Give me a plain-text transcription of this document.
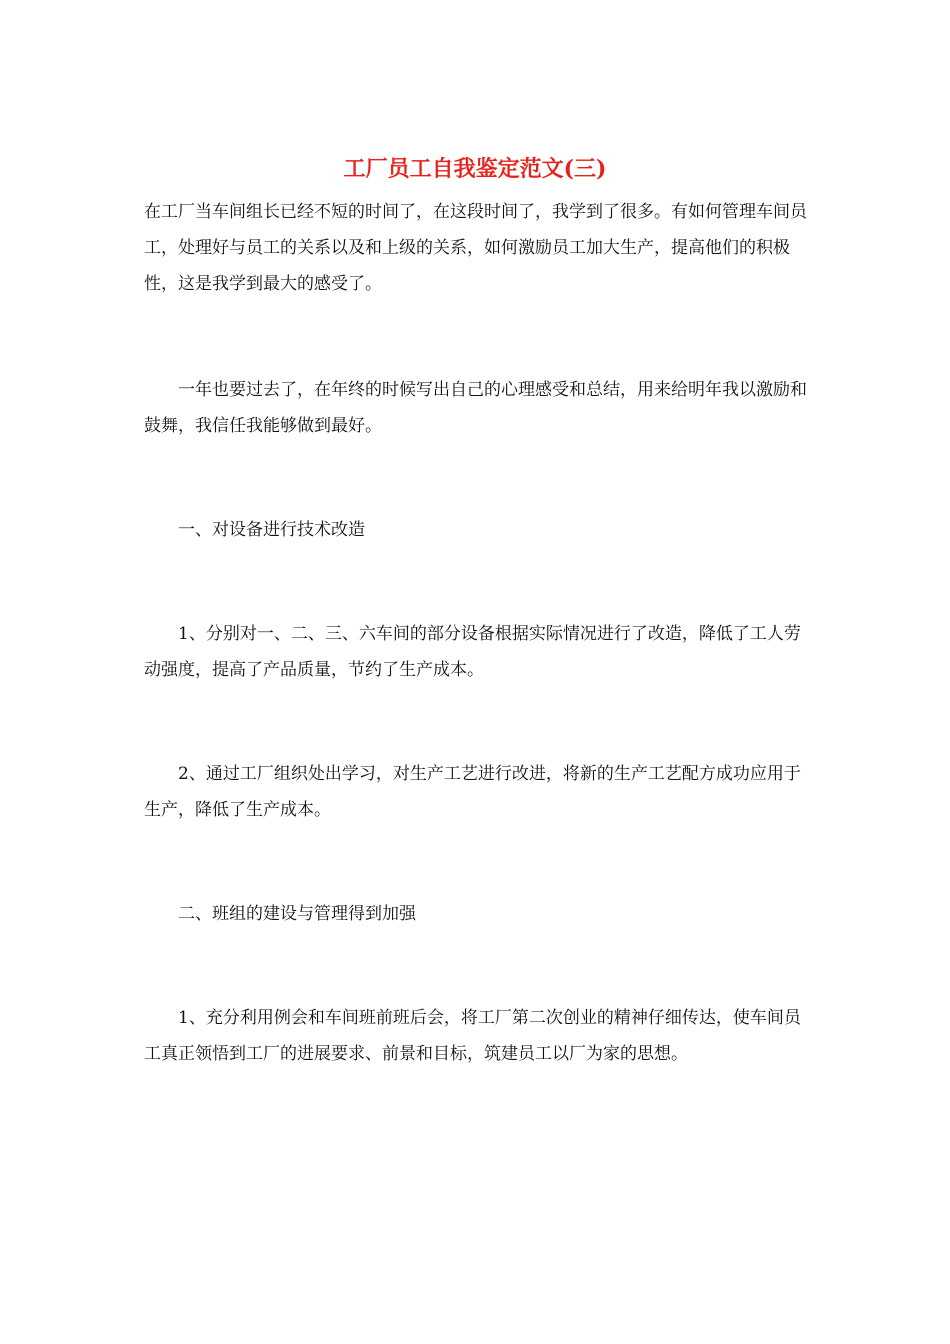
工厂员工自我鉴定范文(三)

在工厂当车间组长已经不短的时间了，在这段时间了，我学到了很多。有如何管理车间员工，处理好与员工的关系以及和上级的关系，如何激励员工加大生产，提高他们的积极性，这是我学到最大的感受了。

一年也要过去了，在年终的时候写出自己的心理感受和总结，用来给明年我以激励和鼓舞，我信任我能够做到最好。

一、对设备进行技术改造

1、分别对一、二、三、六车间的部分设备根据实际情况进行了改造，降低了工人劳动强度，提高了产品质量，节约了生产成本。

2、通过工厂组织处出学习，对生产工艺进行改进，将新的生产工艺配方成功应用于生产，降低了生产成本。

二、班组的建设与管理得到加强

1、充分利用例会和车间班前班后会，将工厂第二次创业的精神仔细传达，使车间员工真正领悟到工厂的进展要求、前景和目标，筑建员工以厂为家的思想。
